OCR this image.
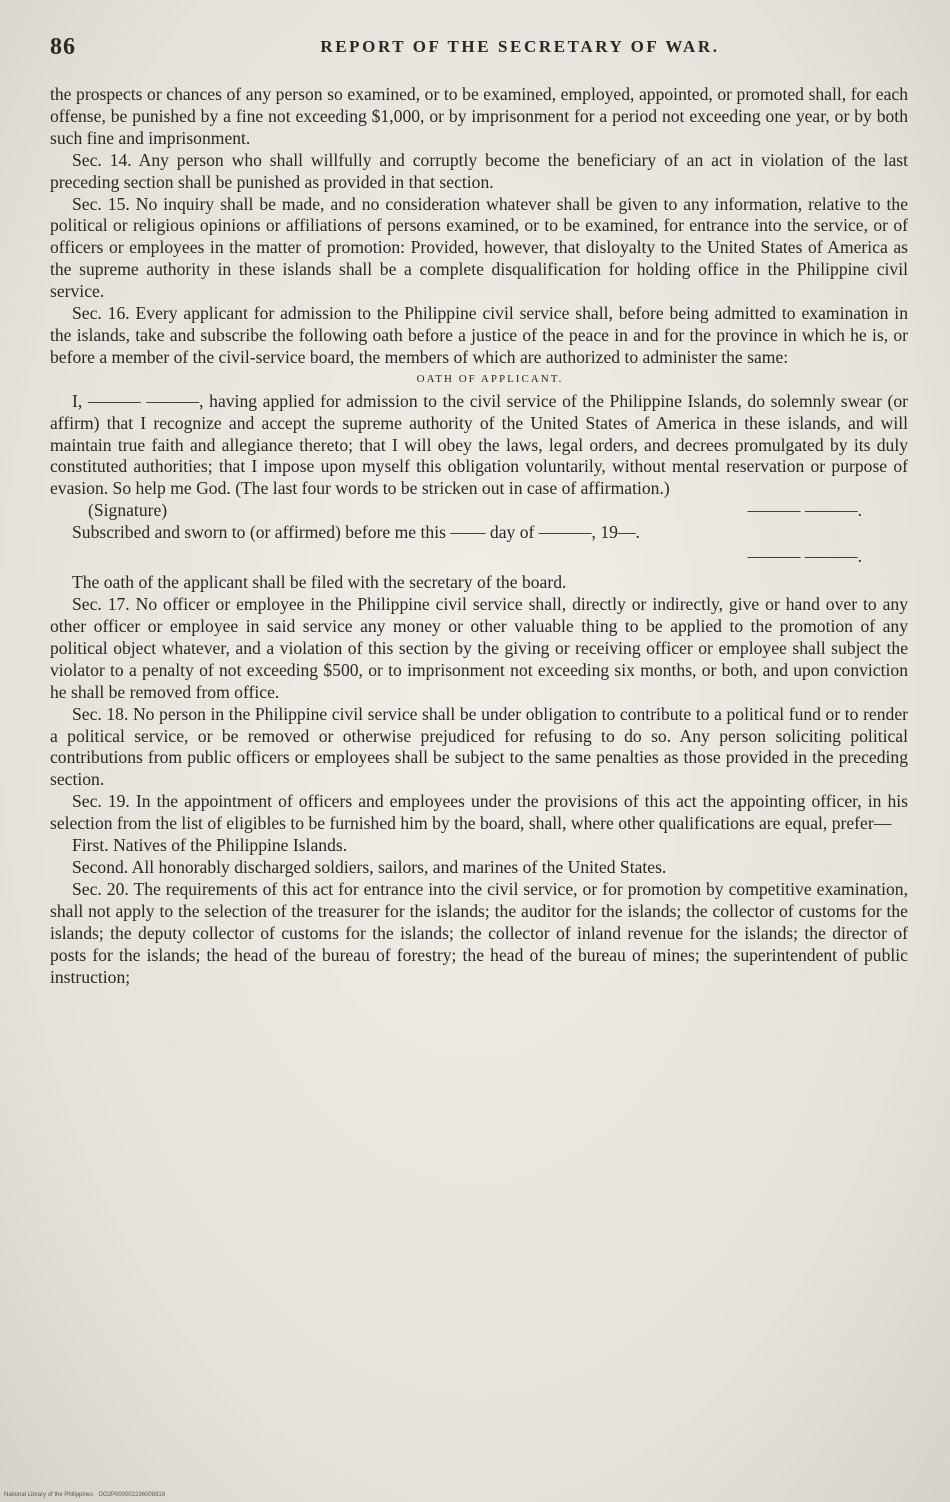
86	REPORT OF THE SECRETARY OF WAR.

the prospects or chances of any person so examined, or to be examined, employed, appointed, or promoted shall, for each offense, be punished by a fine not exceeding $1,000, or by imprisonment for a period not exceeding one year, or by both such fine and imprisonment.

Sec. 14. Any person who shall willfully and corruptly become the beneficiary of an act in violation of the last preceding section shall be punished as provided in that section.

Sec. 15. No inquiry shall be made, and no consideration whatever shall be given to any information, relative to the political or religious opinions or affiliations of persons examined, or to be examined, for entrance into the service, or of officers or employees in the matter of promotion: Provided, however, that disloyalty to the United States of America as the supreme authority in these islands shall be a complete disqualification for holding office in the Philippine civil service.

Sec. 16. Every applicant for admission to the Philippine civil service shall, before being admitted to examination in the islands, take and subscribe the following oath before a justice of the peace in and for the province in which he is, or before a member of the civil-service board, the members of which are authorized to administer the same:

OATH OF APPLICANT.

I, ——— ———, having applied for admission to the civil service of the Philippine Islands, do solemnly swear (or affirm) that I recognize and accept the supreme authority of the United States of America in these islands, and will maintain true faith and allegiance thereto; that I will obey the laws, legal orders, and decrees promulgated by its duly constituted authorities; that I impose upon myself this obligation voluntarily, without mental reservation or purpose of evasion. So help me God. (The last four words to be stricken out in case of affirmation.)

(Signature)	——— ———.
Subscribed and sworn to (or affirmed) before me this —— day of ———, 19—.
——— ———.

The oath of the applicant shall be filed with the secretary of the board.

Sec. 17. No officer or employee in the Philippine civil service shall, directly or indirectly, give or hand over to any other officer or employee in said service any money or other valuable thing to be applied to the promotion of any political object whatever, and a violation of this section by the giving or receiving officer or employee shall subject the violator to a penalty of not exceeding $500, or to imprisonment not exceeding six months, or both, and upon conviction he shall be removed from office.

Sec. 18. No person in the Philippine civil service shall be under obligation to contribute to a political fund or to render a political service, or be removed or otherwise prejudiced for refusing to do so. Any person soliciting political contributions from public officers or employees shall be subject to the same penalties as those provided in the preceding section.

Sec. 19. In the appointment of officers and employees under the provisions of this act the appointing officer, in his selection from the list of eligibles to be furnished him by the board, shall, where other qualifications are equal, prefer—

First. Natives of the Philippine Islands.

Second. All honorably discharged soldiers, sailors, and marines of the United States.

Sec. 20. The requirements of this act for entrance into the civil service, or for promotion by competitive examination, shall not apply to the selection of the treasurer for the islands; the auditor for the islands; the collector of customs for the islands; the deputy collector of customs for the islands; the collector of inland revenue for the islands; the director of posts for the islands; the head of the bureau of forestry; the head of the bureau of mines; the superintendent of public instruction;

National Library of the Philippines · DO2P000002236008818
